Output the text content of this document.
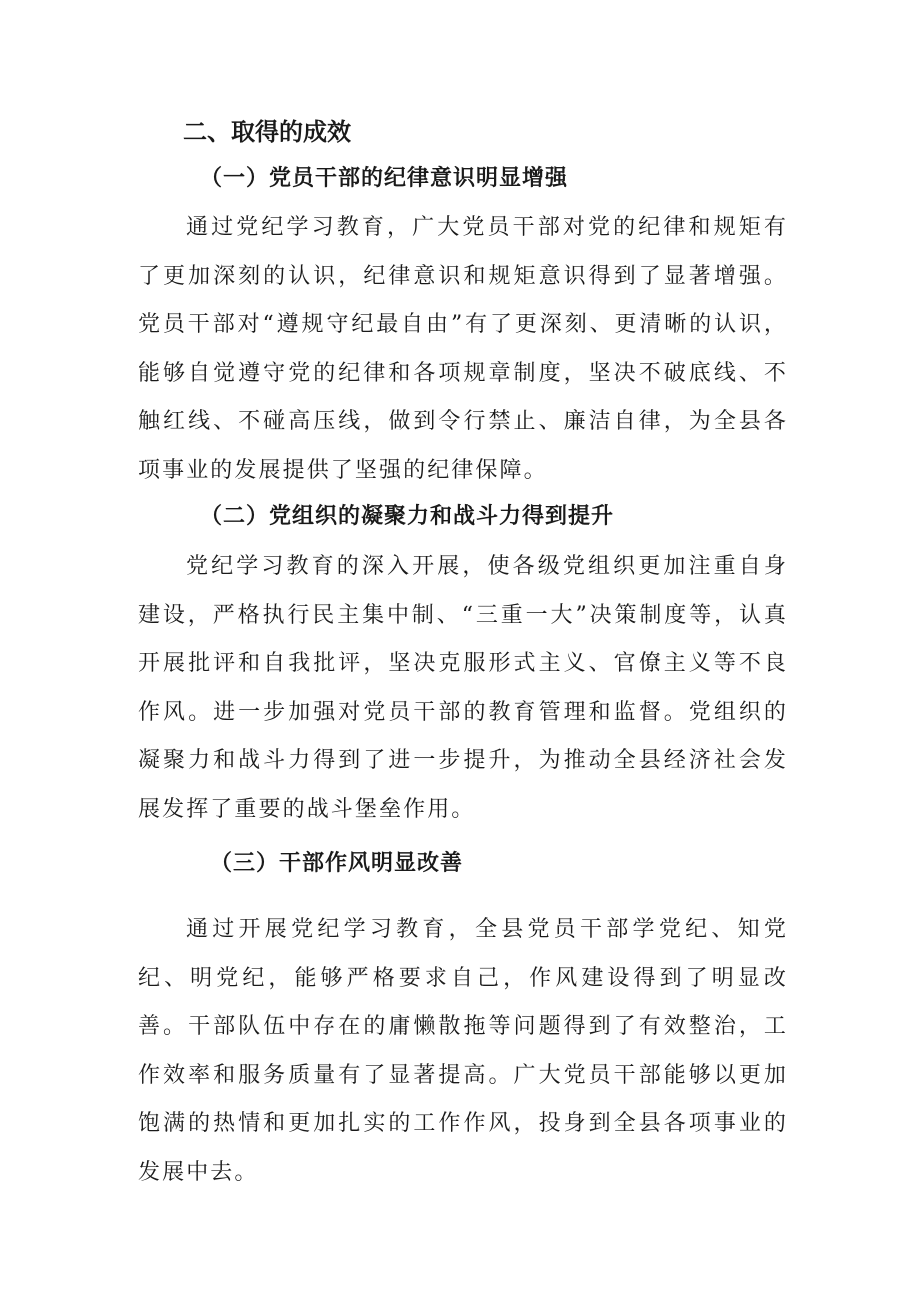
二、取得的成效
（一）党员干部的纪律意识明显增强

通过党纪学习教育，广大党员干部对党的纪律和规矩有了更加深刻的认识，纪律意识和规矩意识得到了显著增强。党员干部对“遵规守纪最自由”有了更深刻、更清晰的认识，能够自觉遵守党的纪律和各项规章制度，坚决不破底线、不触红线、不碰高压线，做到令行禁止、廉洁自律，为全县各项事业的发展提供了坚强的纪律保障。

（二）党组织的凝聚力和战斗力得到提升

党纪学习教育的深入开展，使各级党组织更加注重自身建设，严格执行民主集中制、“三重一大”决策制度等，认真开展批评和自我批评，坚决克服形式主义、官僚主义等不良作风。进一步加强对党员干部的教育管理和监督。党组织的凝聚力和战斗力得到了进一步提升，为推动全县经济社会发展发挥了重要的战斗堡垒作用。

（三）干部作风明显改善

通过开展党纪学习教育，全县党员干部学党纪、知党纪、明党纪，能够严格要求自己，作风建设得到了明显改善。干部队伍中存在的庸懒散拖等问题得到了有效整治，工作效率和服务质量有了显著提高。广大党员干部能够以更加饱满的热情和更加扎实的工作作风，投身到全县各项事业的发展中去。
